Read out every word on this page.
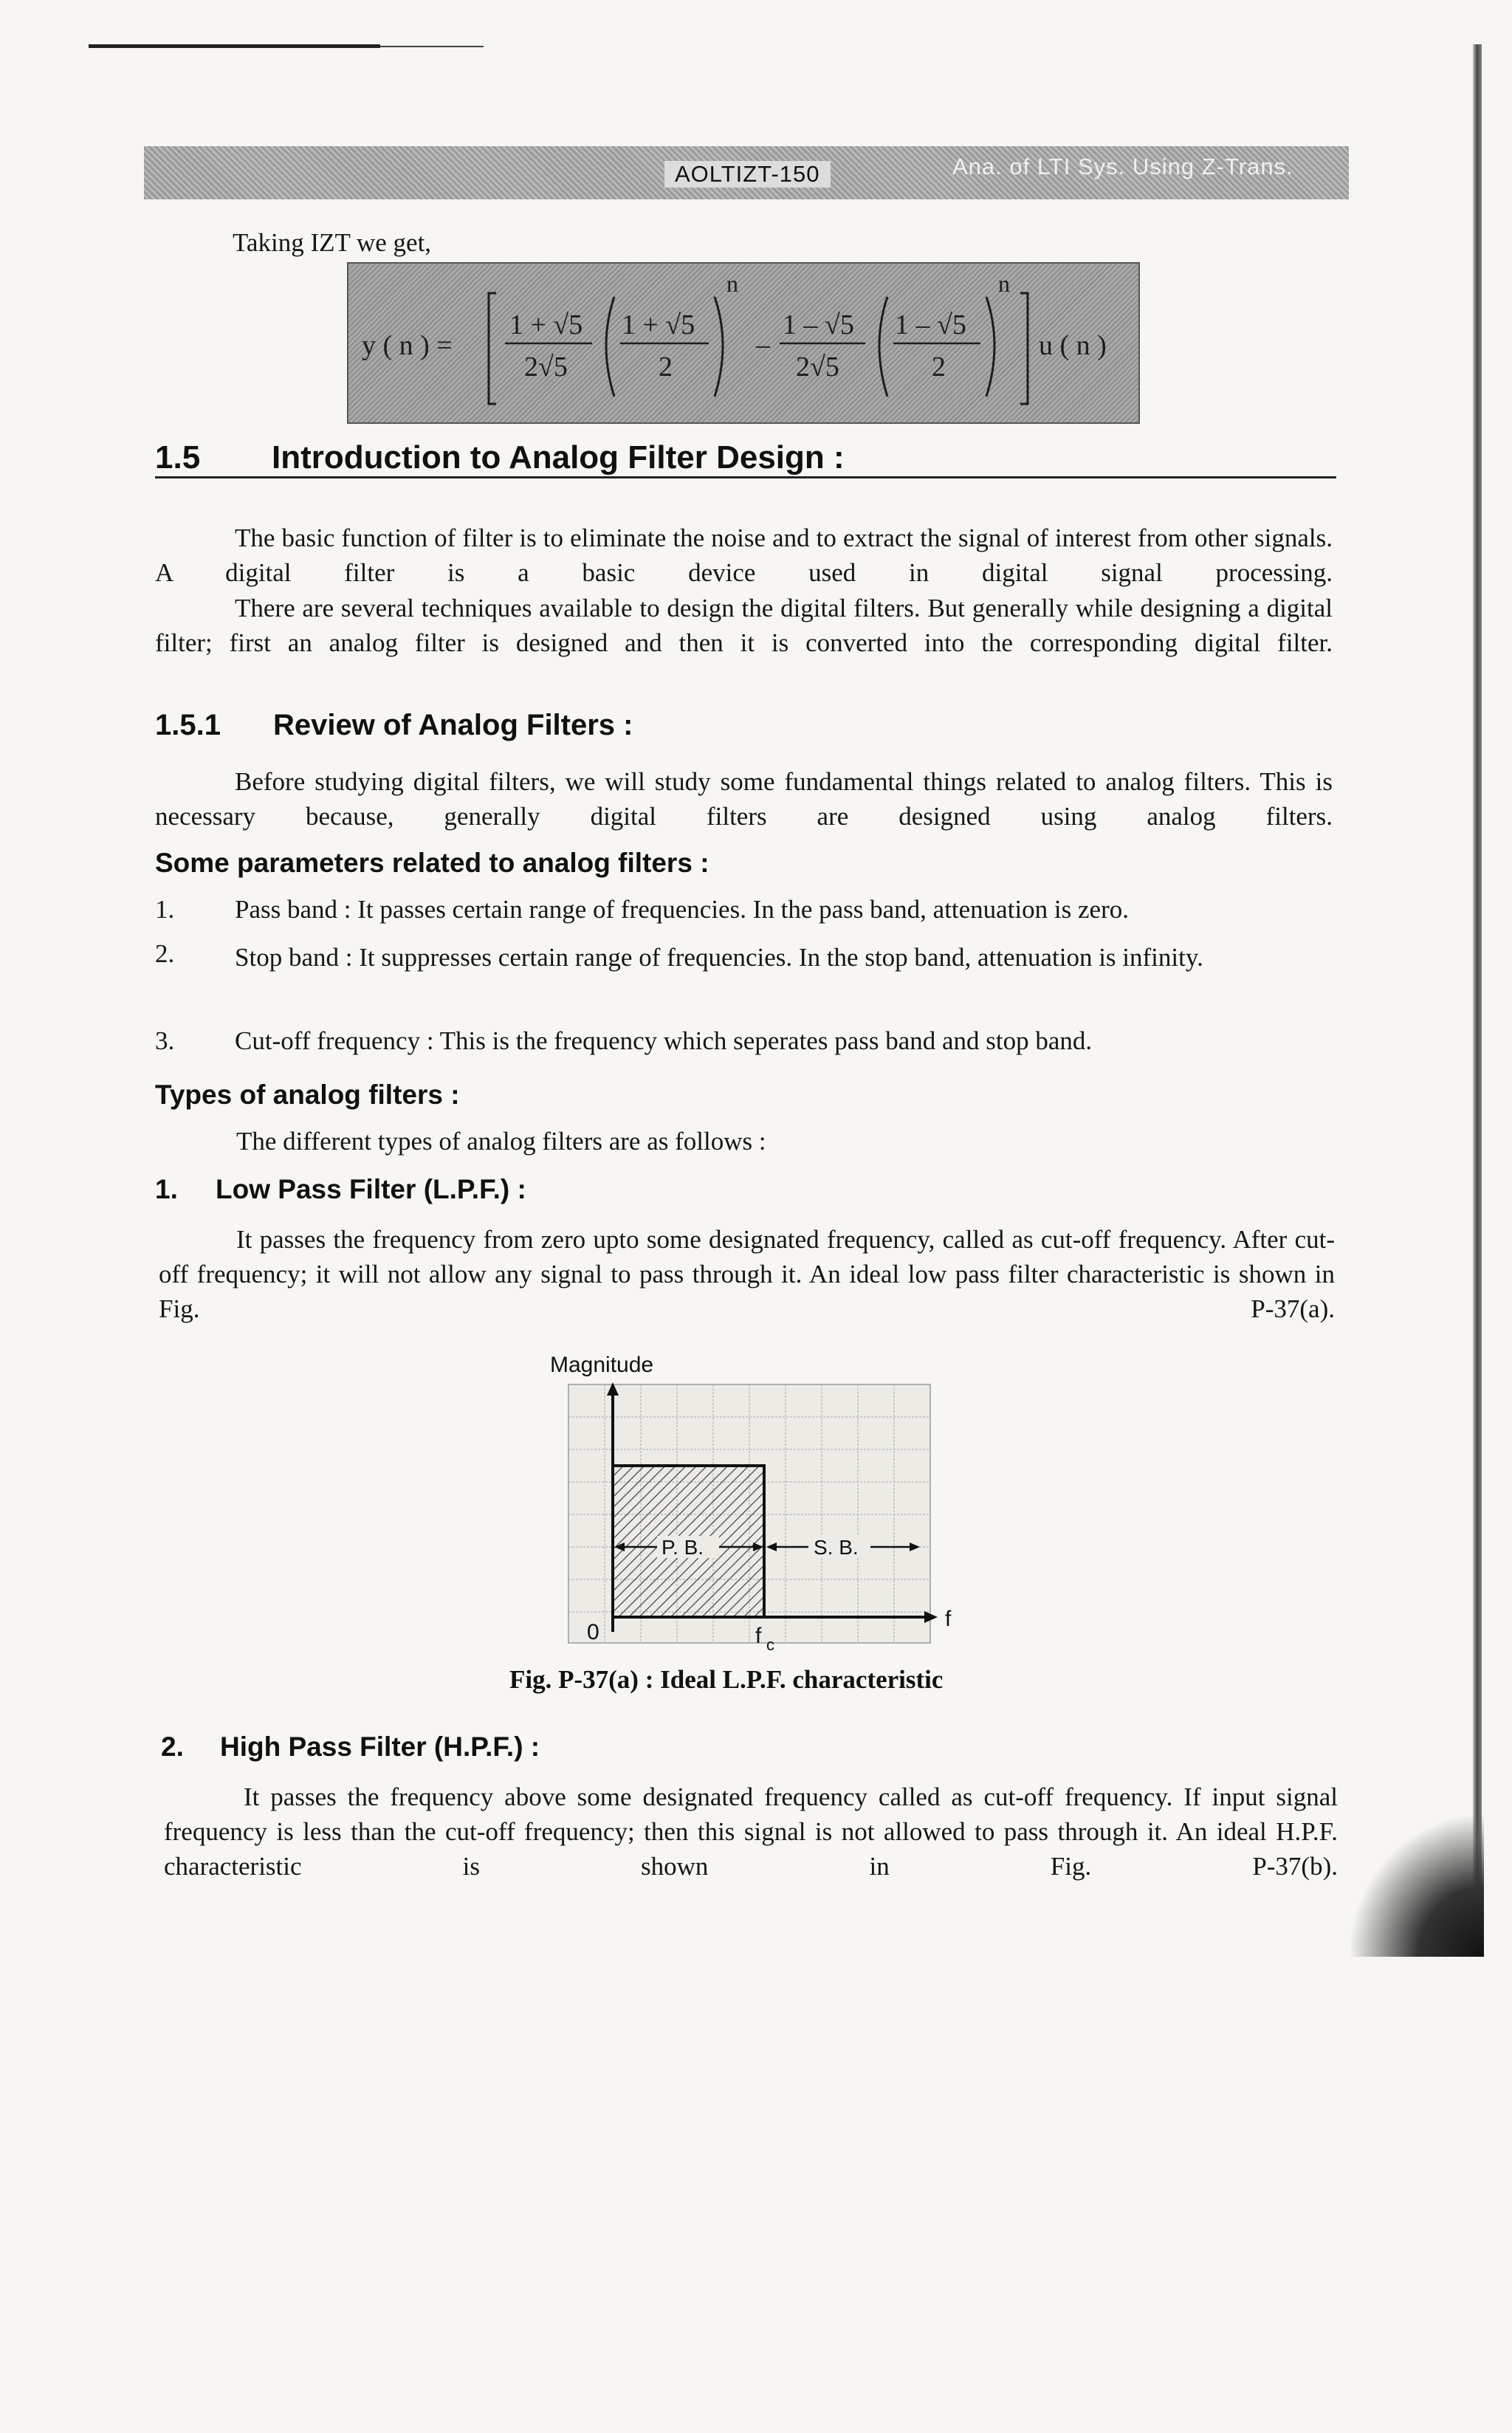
AOLTIZT-150	Ana. of LTI Sys. Using Z-Trans.
Taking IZT we get,
y ( n ) =
1 + √5
2√5
1 + √5
2
n
–
1 – √5
2√5
1 – √5
2
n
u ( n )
1.5 Introduction to Analog Filter Design :
The basic function of filter is to eliminate the noise and to extract the signal of interest from other signals. A digital filter is a basic device used in digital signal processing.
There are several techniques available to design the digital filters. But generally while designing a digital filter; first an analog filter is designed and then it is converted into the corresponding digital filter.
1.5.1 Review of Analog Filters :
Before studying digital filters, we will study some fundamental things related to analog filters. This is necessary because, generally digital filters are designed using analog filters.
Some parameters related to analog filters :
1. Pass band : It passes certain range of frequencies. In the pass band, attenuation is zero.
2. Stop band : It suppresses certain range of frequencies. In the stop band, attenuation is infinity.
3. Cut-off frequency : This is the frequency which seperates pass band and stop band.
Types of analog filters :
The different types of analog filters are as follows :
1. Low Pass Filter (L.P.F.) :
It passes the frequency from zero upto some designated frequency, called as cut-off frequency. After cut-off frequency; it will not allow any signal to pass through it. An ideal low pass filter characteristic is shown in Fig. P-37(a).
Magnitude
f
0	f c
P. B.	S. B.
Fig. P-37(a) : Ideal L.P.F. characteristic
2. High Pass Filter (H.P.F.) :
It passes the frequency above some designated frequency called as cut-off frequency. If input signal frequency is less than the cut-off frequency; then this signal is not allowed to pass through it. An ideal H.P.F. characteristic is shown in Fig. P-37(b).
